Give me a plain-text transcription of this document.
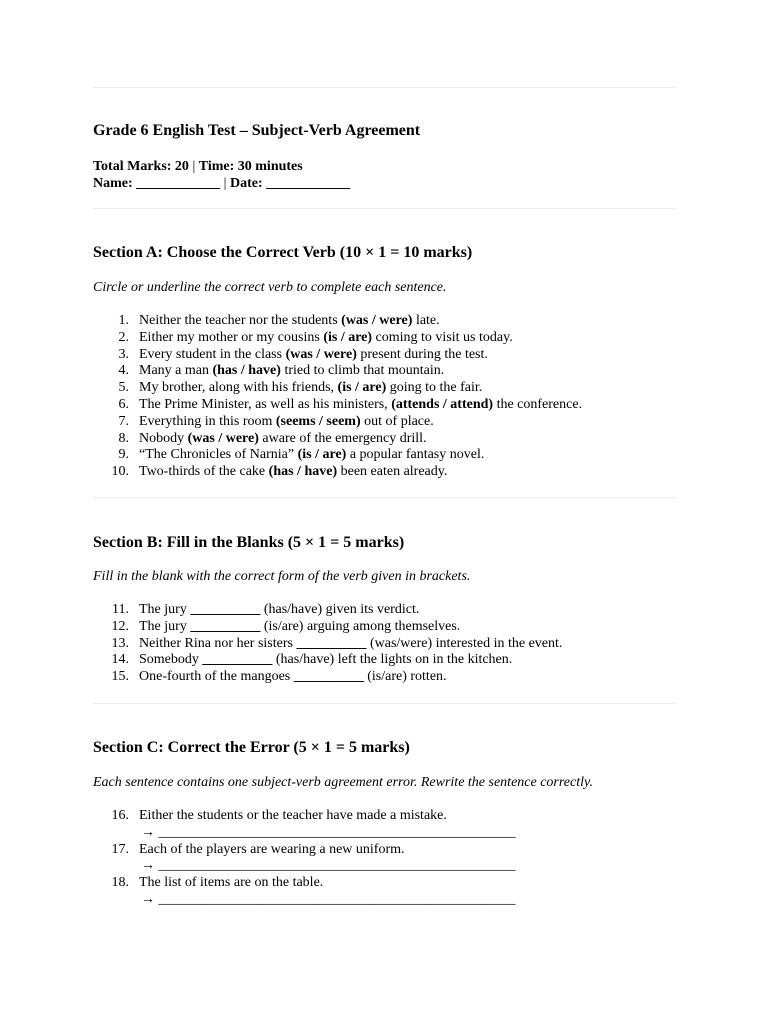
Grade 6 English Test – Subject-Verb Agreement
Total Marks: 20 | Time: 30 minutes
Name: ____________ | Date: ____________
Section A: Choose the Correct Verb (10 × 1 = 10 marks)
Circle or underline the correct verb to complete each sentence.
1. Neither the teacher nor the students (was / were) late.
2. Either my mother or my cousins (is / are) coming to visit us today.
3. Every student in the class (was / were) present during the test.
4. Many a man (has / have) tried to climb that mountain.
5. My brother, along with his friends, (is / are) going to the fair.
6. The Prime Minister, as well as his ministers, (attends / attend) the conference.
7. Everything in this room (seems / seem) out of place.
8. Nobody (was / were) aware of the emergency drill.
9. “The Chronicles of Narnia” (is / are) a popular fantasy novel.
10. Two-thirds of the cake (has / have) been eaten already.
Section B: Fill in the Blanks (5 × 1 = 5 marks)
Fill in the blank with the correct form of the verb given in brackets.
11. The jury __________ (has/have) given its verdict.
12. The jury __________ (is/are) arguing among themselves.
13. Neither Rina nor her sisters __________ (was/were) interested in the event.
14. Somebody __________ (has/have) left the lights on in the kitchen.
15. One-fourth of the mangoes __________ (is/are) rotten.
Section C: Correct the Error (5 × 1 = 5 marks)
Each sentence contains one subject-verb agreement error. Rewrite the sentence correctly.
16. Either the students or the teacher have made a mistake.
→ ___________________________________________________
17. Each of the players are wearing a new uniform.
→ ___________________________________________________
18. The list of items are on the table.
→ ___________________________________________________
